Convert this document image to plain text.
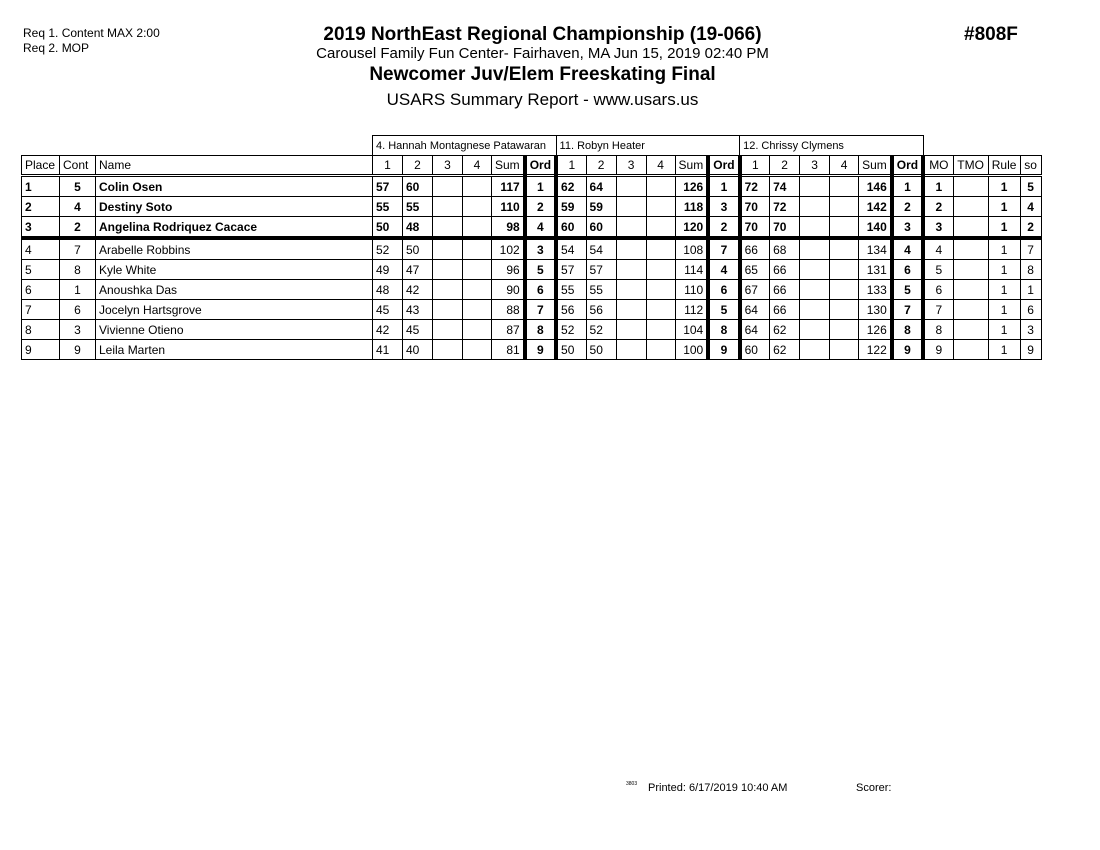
Req 1. Content MAX 2:00
Req 2. MOP
2019 NorthEast Regional Championship (19-066)
Carousel Family Fun Center- Fairhaven, MA Jun 15, 2019 02:40 PM
Newcomer Juv/Elem Freeskating Final
USARS Summary Report - www.usars.us
#808F
			4. Hannah Montagnese Patawaran						11. Robyn Heater						12. Chrissy Clymens									
Place	Cont	Name	1	2	3	4	Sum	Ord	1	2	3	4	Sum	Ord	1	2	3	4	Sum	Ord	MO	TMO	Rule	so
1	5	Colin Osen	57	60			117	1	62	64			126	1	72	74			146	1	1		1	5
2	4	Destiny Soto	55	55			110	2	59	59			118	3	70	72			142	2	2		1	4
3	2	Angelina Rodriquez Cacace	50	48			98	4	60	60			120	2	70	70			140	3	3		1	2
4	7	Arabelle Robbins	52	50			102	3	54	54			108	7	66	68			134	4	4		1	7
5	8	Kyle White	49	47			96	5	57	57			114	4	65	66			131	6	5		1	8
6	1	Anoushka Das	48	42			90	6	55	55			110	6	67	66			133	5	6		1	1
7	6	Jocelyn Hartsgrove	45	43			88	7	56	56			112	5	64	66			130	7	7		1	6
8	3	Vivienne Otieno	42	45			87	8	52	52			104	8	64	62			126	8	8		1	3
9	9	Leila Marten	41	40			81	9	50	50			100	9	60	62			122	9	9		1	9
3803 Printed: 6/17/2019 10:40 AM	Scorer:
